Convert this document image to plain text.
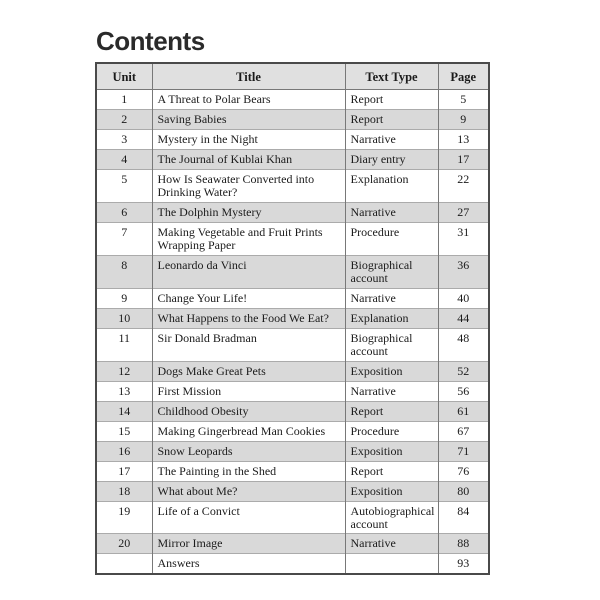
Contents
Unit	Title	Text Type	Page
1	A Threat to Polar Bears	Report	5
2	Saving Babies	Report	9
3	Mystery in the Night	Narrative	13
4	The Journal of Kublai Khan	Diary entry	17
5	How Is Seawater Converted into Drinking Water?	Explanation	22
6	The Dolphin Mystery	Narrative	27
7	Making Vegetable and Fruit Prints Wrapping Paper	Procedure	31
8	Leonardo da Vinci	Biographical account	36
9	Change Your Life!	Narrative	40
10	What Happens to the Food We Eat?	Explanation	44
11	Sir Donald Bradman	Biographical account	48
12	Dogs Make Great Pets	Exposition	52
13	First Mission	Narrative	56
14	Childhood Obesity	Report	61
15	Making Gingerbread Man Cookies	Procedure	67
16	Snow Leopards	Exposition	71
17	The Painting in the Shed	Report	76
18	What about Me?	Exposition	80
19	Life of a Convict	Autobiographical account	84
20	Mirror Image	Narrative	88
	Answers		93
